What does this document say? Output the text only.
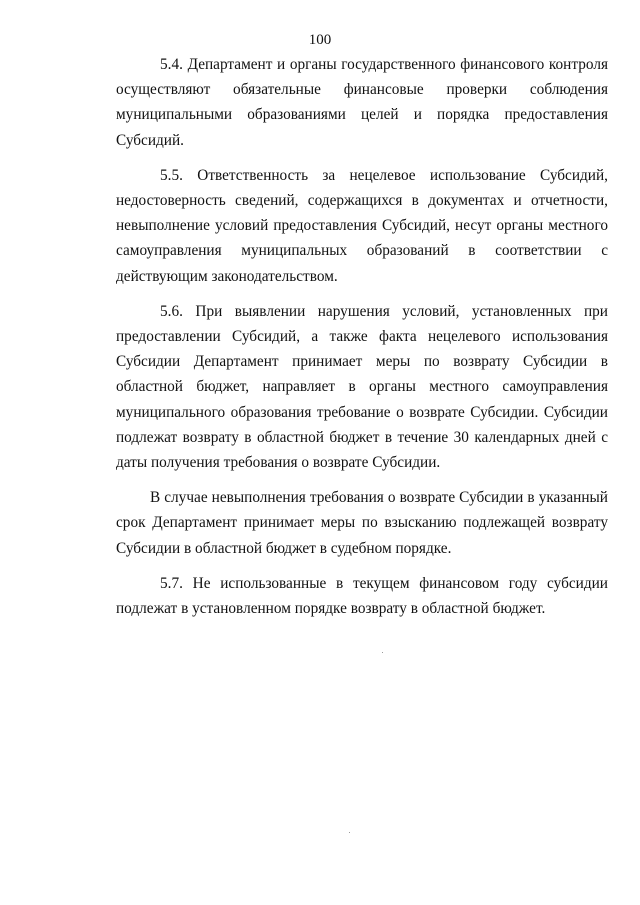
100

5.4. Департамент и органы государственного финансового контроля осуществляют обязательные финансовые проверки соблюдения муниципальными образованиями целей и порядка предоставления Субсидий.

5.5. Ответственность за нецелевое использование Субсидий, недостоверность сведений, содержащихся в документах и отчетности, невыполнение условий предоставления Субсидий, несут органы местного самоуправления муниципальных образований в соответствии с действующим законодательством.

5.6. При выявлении нарушения условий, установленных при предоставлении Субсидий, а также факта нецелевого использования Субсидии Департамент принимает меры по возврату Субсидии в областной бюджет, направляет в органы местного самоуправления муниципального образования требование о возврате Субсидии. Субсидии подлежат возврату в областной бюджет в течение 30 календарных дней с даты получения требования о возврате Субсидии.

В случае невыполнения требования о возврате Субсидии в указанный срок Департамент принимает меры по взысканию подлежащей возврату Субсидии в областной бюджет в судебном порядке.

5.7. Не использованные в текущем финансовом году субсидии подлежат в установленном порядке возврату в областной бюджет.
